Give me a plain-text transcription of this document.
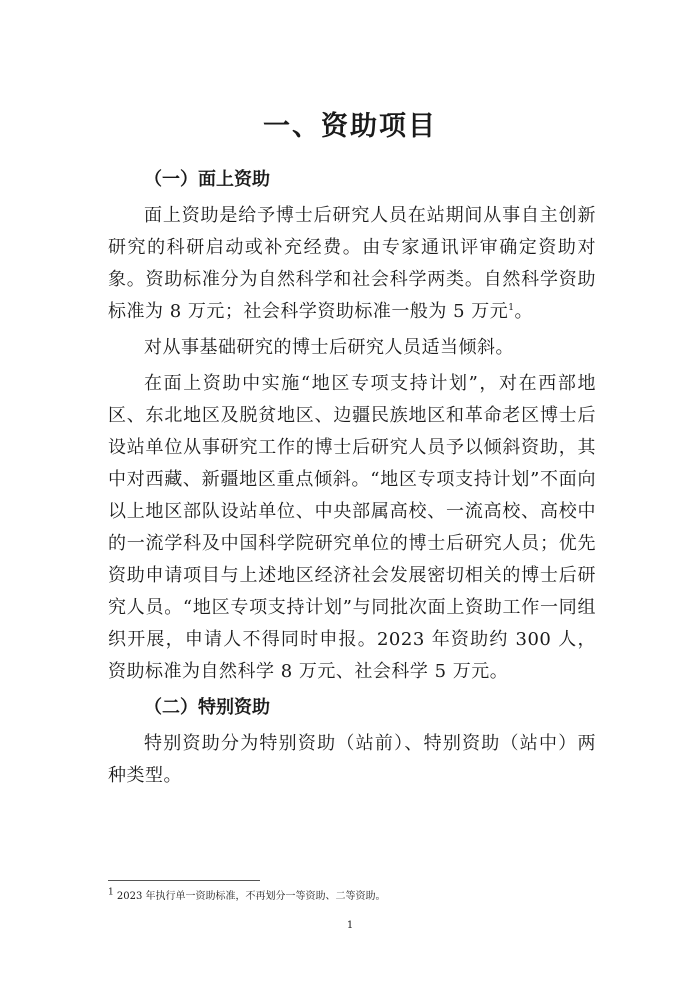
一、资助项目
（一）面上资助

面上资助是给予博士后研究人员在站期间从事自主创新研究的科研启动或补充经费。由专家通讯评审确定资助对象。资助标准分为自然科学和社会科学两类。自然科学资助标准为 8 万元；社会科学资助标准一般为 5 万元$^1$。

对从事基础研究的博士后研究人员适当倾斜。

在面上资助中实施“地区专项支持计划”，对在西部地区、东北地区及脱贫地区、边疆民族地区和革命老区博士后设站单位从事研究工作的博士后研究人员予以倾斜资助，其中对西藏、新疆地区重点倾斜。“地区专项支持计划”不面向以上地区部队设站单位、中央部属高校、一流高校、高校中的一流学科及中国科学院研究单位的博士后研究人员；优先资助申请项目与上述地区经济社会发展密切相关的博士后研究人员。“地区专项支持计划”与同批次面上资助工作一同组织开展，申请人不得同时申报。2023 年资助约 300 人，资助标准为自然科学 8 万元、社会科学 5 万元。

（二）特别资助

特别资助分为特别资助（站前）、特别资助（站中）两种类型。

$^1$ 2023 年执行单一资助标准，不再划分一等资助、二等资助。
1
